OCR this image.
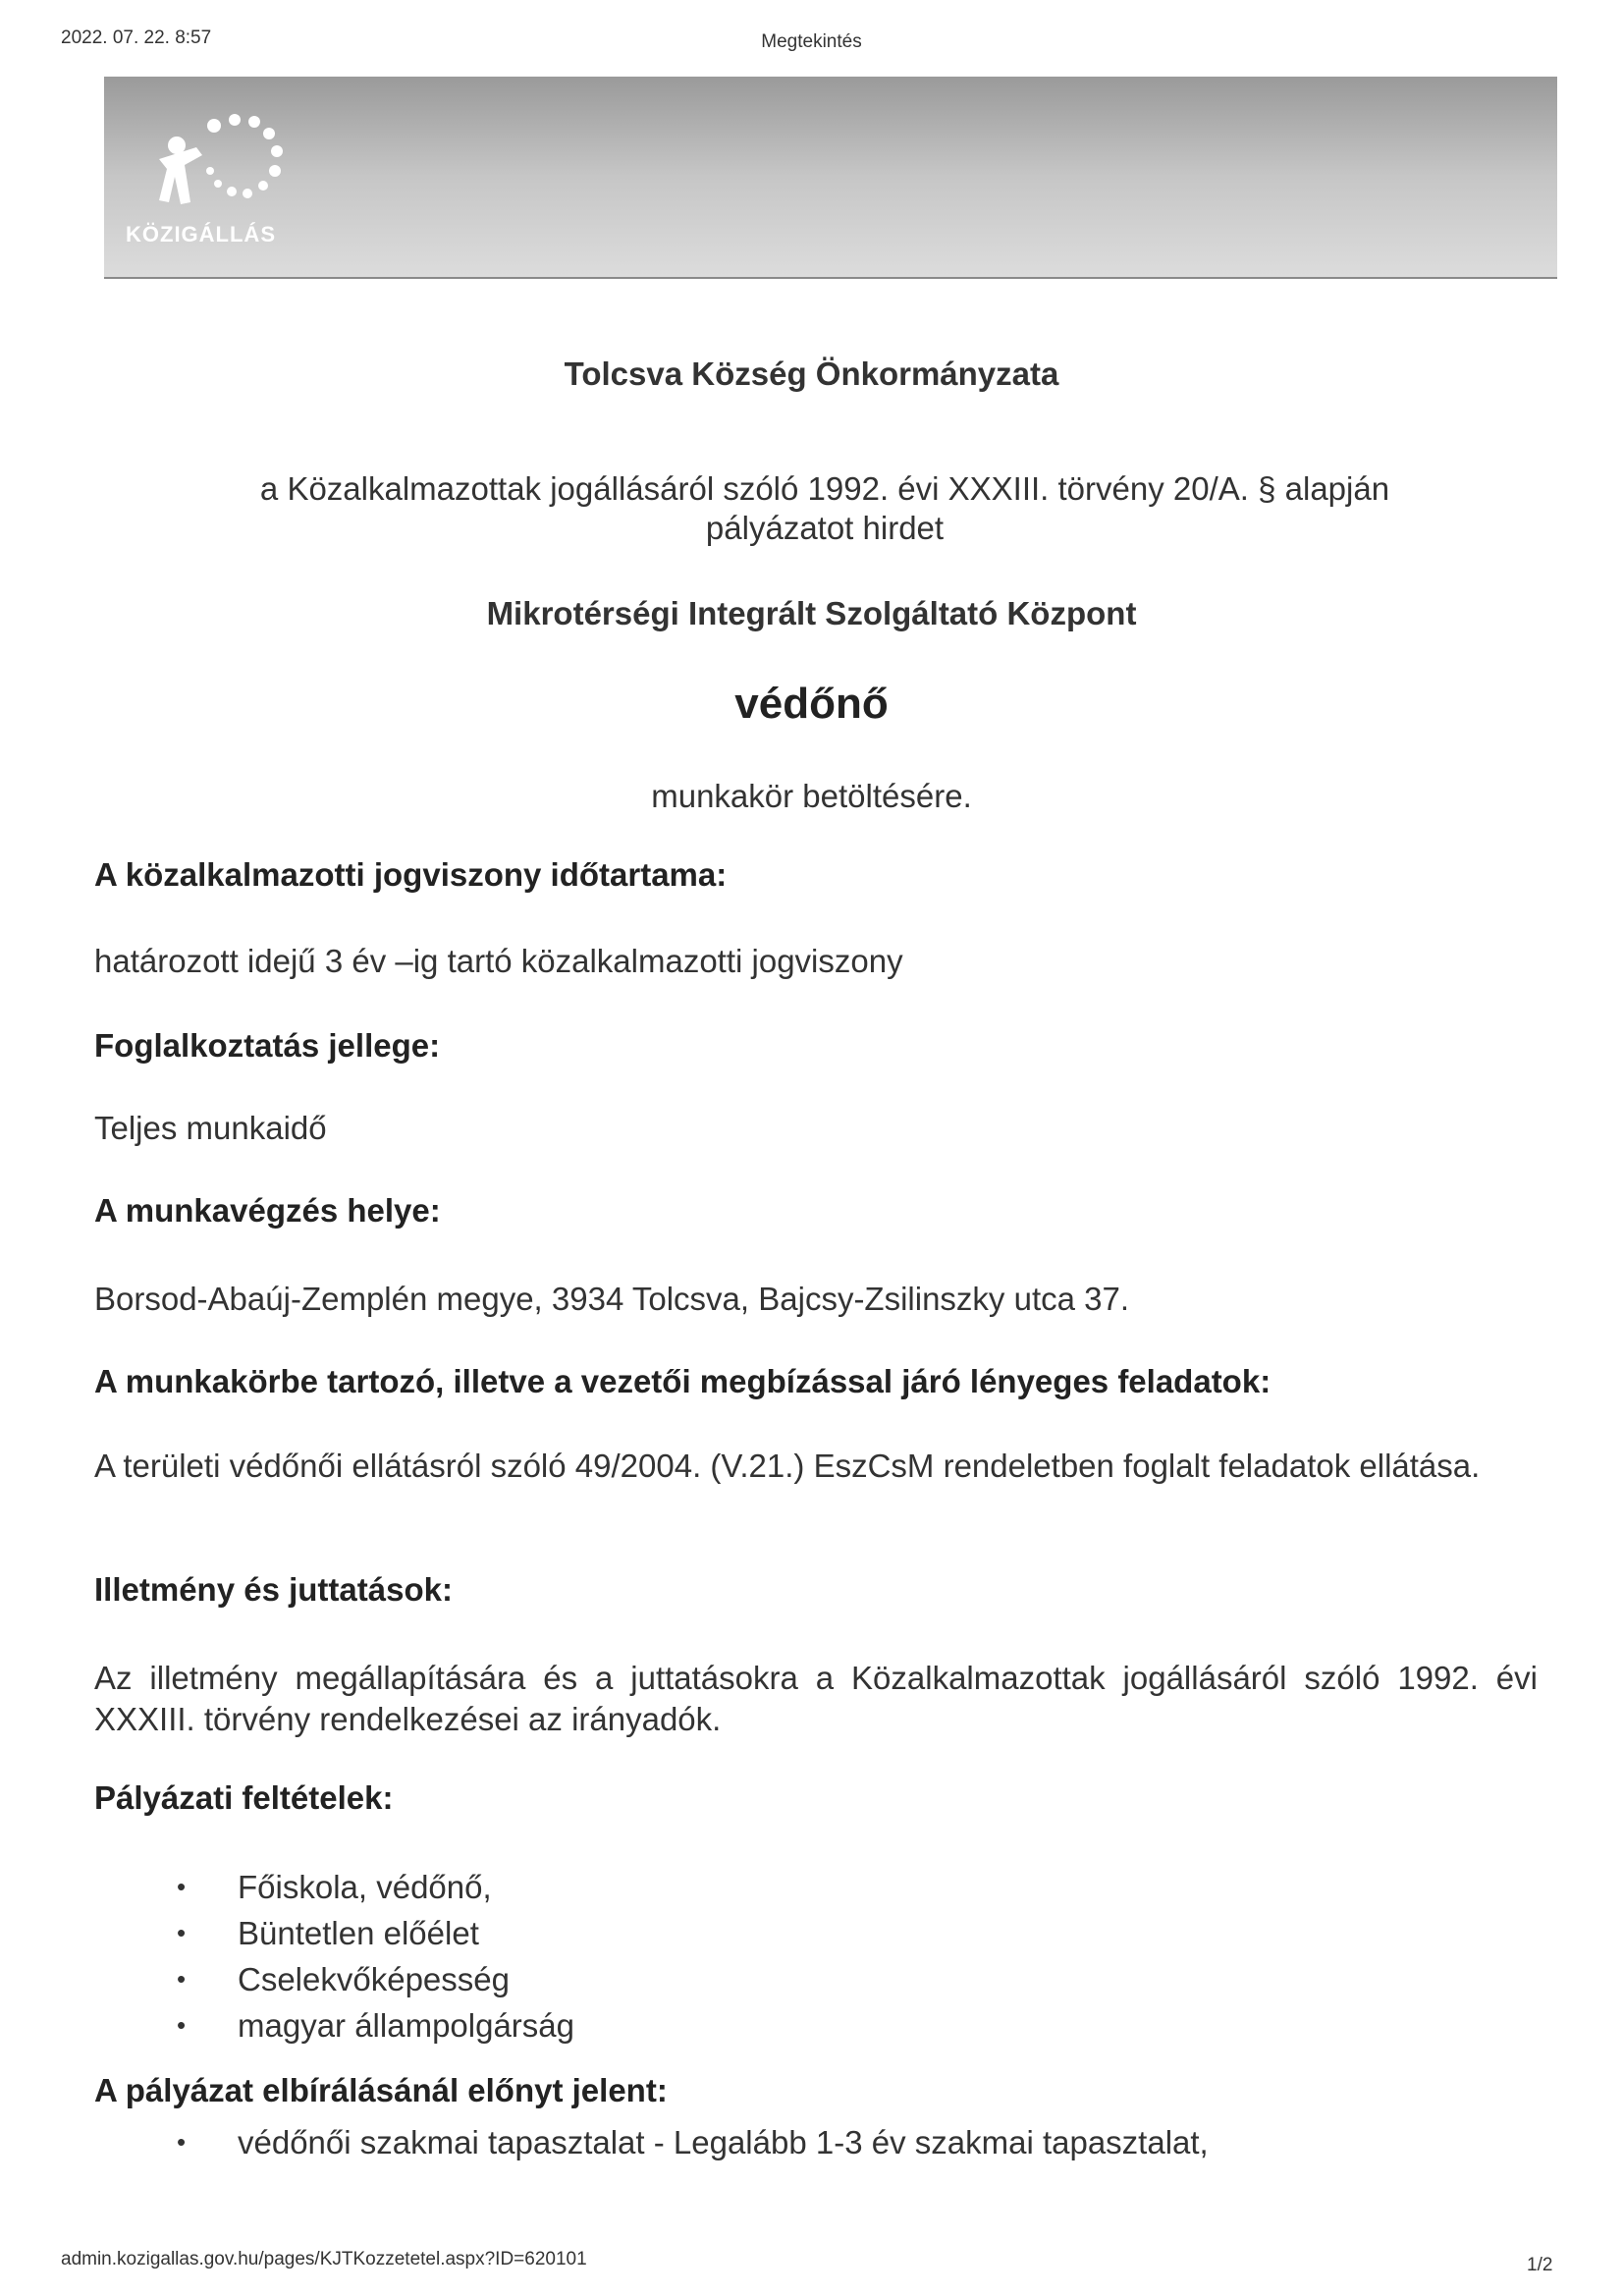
2022. 07. 22. 8:57	Megtekintés
KÖZIGÁLLÁS
Tolcsva Község Önkormányzata
a Közalkalmazottak jogállásáról szóló 1992. évi XXXIII. törvény 20/A. § alapján
pályázatot hirdet
Mikrotérségi Integrált Szolgáltató Központ
védőnő
munkakör betöltésére.
A közalkalmazotti jogviszony időtartama:
határozott idejű 3 év –ig tartó közalkalmazotti jogviszony
Foglalkoztatás jellege:
Teljes munkaidő
A munkavégzés helye:
Borsod-Abaúj-Zemplén megye, 3934 Tolcsva, Bajcsy-Zsilinszky utca 37.
A munkakörbe tartozó, illetve a vezetői megbízással járó lényeges feladatok:
A területi védőnői ellátásról szóló 49/2004. (V.21.) EszCsM rendeletben foglalt feladatok ellátása.
Illetmény és juttatások:
Az illetmény megállapítására és a juttatásokra a Közalkalmazottak jogállásáról szóló 1992. évi XXXIII. törvény rendelkezései az irányadók.
Pályázati feltételek:
• Főiskola, védőnő,
• Büntetlen előélet
• Cselekvőképesség
• magyar állampolgárság
A pályázat elbírálásánál előnyt jelent:
• védőnői szakmai tapasztalat - Legalább 1-3 év szakmai tapasztalat,
admin.kozigallas.gov.hu/pages/KJTKozzetetel.aspx?ID=620101	1/2
